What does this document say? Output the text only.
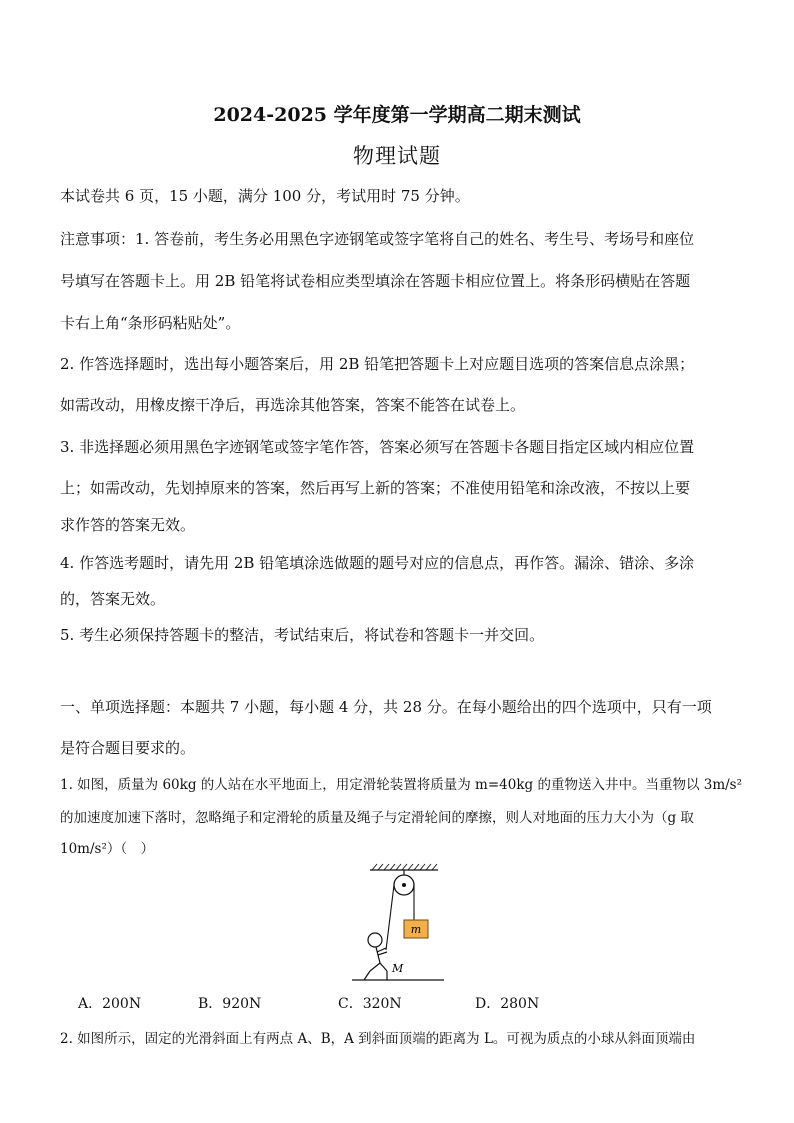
2024-2025 学年度第一学期高二期末测试
物理试题
本试卷共 6 页，15 小题，满分 100 分，考试用时 75 分钟。
注意事项：1. 答卷前，考生务必用黑色字迹钢笔或签字笔将自己的姓名、考生号、考场号和座位
号填写在答题卡上。用 2B 铅笔将试卷相应类型填涂在答题卡相应位置上。将条形码横贴在答题
卡右上角“条形码粘贴处”。
2. 作答选择题时，选出每小题答案后，用 2B 铅笔把答题卡上对应题目选项的答案信息点涂黑；
如需改动，用橡皮擦干净后，再选涂其他答案，答案不能答在试卷上。
3. 非选择题必须用黑色字迹钢笔或签字笔作答，答案必须写在答题卡各题目指定区域内相应位置
上；如需改动，先划掉原来的答案，然后再写上新的答案；不准使用铅笔和涂改液，不按以上要
求作答的答案无效。
4. 作答选考题时，请先用 2B 铅笔填涂选做题的题号对应的信息点，再作答。漏涂、错涂、多涂
的，答案无效。
5. 考生必须保持答题卡的整洁，考试结束后，将试卷和答题卡一并交回。
一、单项选择题：本题共 7 小题，每小题 4 分，共 28 分。在每小题给出的四个选项中，只有一项
是符合题目要求的。
1. 如图，质量为 60kg 的人站在水平地面上，用定滑轮装置将质量为 m=40kg 的重物送入井中。当重物以 3m/s²
的加速度加速下落时，忽略绳子和定滑轮的质量及绳子与定滑轮间的摩擦，则人对地面的压力大小为（g 取
10m/s²）（　）
m
M
A．200N	B．920N	C．320N	D．280N
2. 如图所示，固定的光滑斜面上有两点 A、B，A 到斜面顶端的距离为 L。可视为质点的小球从斜面顶端由
